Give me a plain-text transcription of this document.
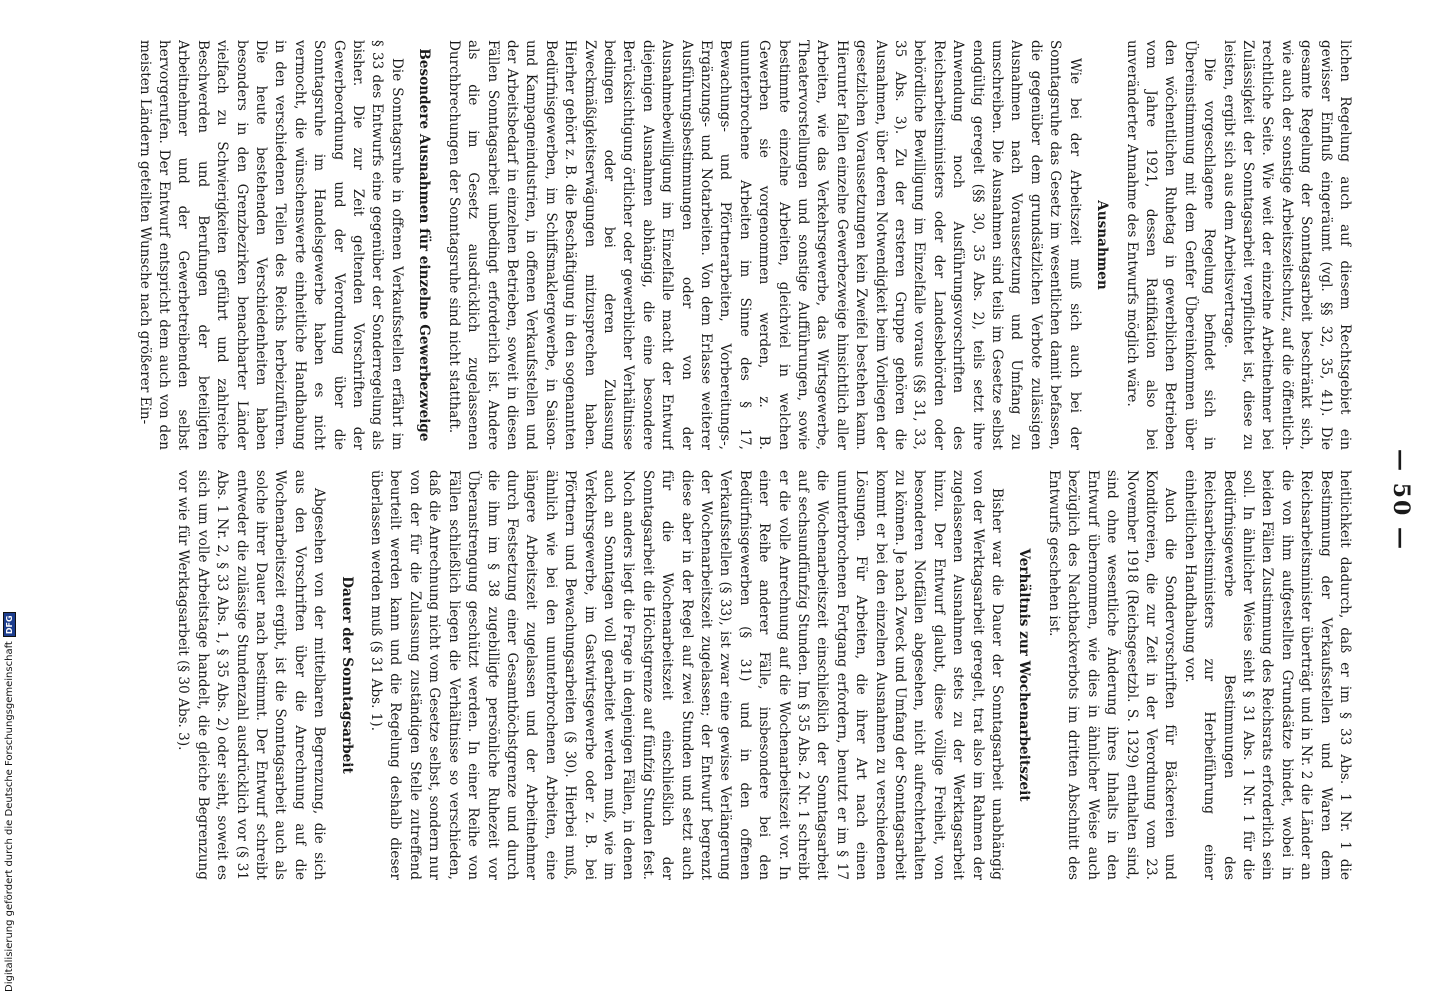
— 50 —

lichen Regelung auch auf diesem Rechtsgebiet ein gewisser Einfluß eingeräumt (vgl. §§ 32, 35, 41). Die gesamte Regelung der Sonntagsarbeit beschränkt sich, wie auch der sonstige Arbeitszeitschutz, auf die öffentlich-rechtliche Seite. Wie weit der einzelne Arbeitnehmer bei Zulässigkeit der Sonntagsarbeit verpflichtet ist, diese zu leisten, ergibt sich aus dem Arbeitsvertrage.

Die vorgeschlagene Regelung befindet sich in Übereinstimmung mit dem Genfer Übereinkommen über den wöchentlichen Ruhetag in gewerblichen Betrieben vom Jahre 1921, dessen Ratifikation also bei unveränderter Annahme des Entwurfs möglich wäre.

Ausnahmen

Wie bei der Arbeitszeit muß sich auch bei der Sonntagsruhe das Gesetz im wesentlichen damit befassen, die gegenüber dem grundsätzlichen Verbote zulässigen Ausnahmen nach Voraussetzung und Umfang zu umschreiben. Die Ausnahmen sind teils im Gesetze selbst endgültig geregelt (§§ 30, 35 Abs. 2), teils setzt ihre Anwendung noch Ausführungsvorschriften des Reichsarbeitsministers oder der Landesbehörden oder behördliche Bewilligung im Einzelfalle voraus (§§ 31, 33, 35 Abs. 3). Zu der ersteren Gruppe gehören die Ausnahmen, über deren Notwendigkeit beim Vorliegen der gesetzlichen Voraussetzungen kein Zweifel bestehen kann. Hierunter fallen einzelne Gewerbezweige hinsichtlich aller Arbeiten, wie das Verkehrsgewerbe, das Wirtsgewerbe, Theatervorstellungen und sonstige Aufführungen, sowie bestimmte einzelne Arbeiten, gleichviel in welchen Gewerben sie vorgenommen werden, z. B. ununterbrochene Arbeiten im Sinne des § 17, Bewachungs- und Pförtnerarbeiten, Vorbereitungs-, Ergänzungs- und Notarbeiten. Von dem Erlasse weiterer Ausführungsbestimmungen oder von der Ausnahmebewilligung im Einzelfalle macht der Entwurf diejenigen Ausnahmen abhängig, die eine besondere Berücksichtigung örtlicher oder gewerblicher Verhältnisse bedingen oder bei deren Zulassung Zweckmäßigkeitserwägungen mitzusprechen haben. Hierher gehört z. B. die Beschäftigung in den sogenannten Bedürfnisgewerben, im Schiffsmaklergewerbe, in Saison- und Kampagneindustrien, in offenen Verkaufsstellen und der Arbeitsbedarf in einzelnen Betrieben, soweit in diesen Fällen Sonntagsarbeit unbedingt erforderlich ist. Andere als die im Gesetz ausdrücklich zugelassenen Durchbrechungen der Sonntagsruhe sind nicht statthaft.

Besondere Ausnahmen für einzelne Gewerbezweige

Die Sonntagsruhe in offenen Verkaufsstellen erfährt im § 33 des Entwurfs eine gegenüber der Sonderregelung als bisher. Die zur Zeit geltenden Vorschriften der Gewerbeordnung und der Verordnung über die Sonntagsruhe im Handelsgewerbe haben es nicht vermocht, die wünschenswerte einheitliche Handhabung in den verschiedenen Teilen des Reichs herbeizuführen. Die heute bestehenden Verschiedenheiten haben besonders in den Grenzbezirken benachbarter Länder vielfach zu Schwierigkeiten geführt und zahlreiche Beschwerden und Berufungen der beteiligten Arbeitnehmer und der Gewerbetreibenden selbst hervorgerufen. Der Entwurf entspricht dem auch von den meisten Ländern geteilten Wunsche nach größerer Ein-

heitlichkeit dadurch, daß er im § 33 Abs. 1 Nr. 1 die Bestimmung der Verkaufsstellen und Waren dem Reichsarbeitsminister überträgt und in Nr. 2 die Länder an die von ihm aufgestellten Grundsätze bindet, wobei in beiden Fällen Zustimmung des Reichsrats erforderlich sein soll. In ähnlicher Weise sieht § 31 Abs. 1 Nr. 1 für die Bedürfnisgewerbe Bestimmungen des Reichsarbeitsministers zur Herbeiführung einer einheitlichen Handhabung vor.

Auch die Sondervorschriften für Bäckereien und Konditoreien, die zur Zeit in der Verordnung vom 23. November 1918 (Reichsgesetzbl. S. 1329) enthalten sind, sind ohne wesentliche Änderung ihres Inhalts in den Entwurf übernommen, wie dies in ähnlicher Weise auch bezüglich des Nachtbackverbots im dritten Abschnitt des Entwurfs geschehen ist.

Verhältnis zur Wochenarbeitszeit

Bisher war die Dauer der Sonntagsarbeit unabhängig von der Werktagsarbeit geregelt, trat also im Rahmen der zugelassenen Ausnahmen stets zu der Werktagsarbeit hinzu. Der Entwurf glaubt, diese völlige Freiheit, von besonderen Notfällen abgesehen, nicht aufrechterhalten zu können. Je nach Zweck und Umfang der Sonntagsarbeit kommt er bei den einzelnen Ausnahmen zu verschiedenen Lösungen. Für Arbeiten, die ihrer Art nach einen ununterbrochenen Fortgang erfordern, benutzt er im § 17 die Wochenarbeitszeit einschließlich der Sonntagsarbeit auf sechsundfünfzig Stunden. Im § 35 Abs. 2 Nr. 1 schreibt er die volle Anrechnung auf die Wochenarbeitszeit vor. In einer Reihe anderer Fälle, insbesondere bei den Bedürfnisgewerben (§ 31) und in den offenen Verkaufsstellen (§ 33), ist zwar eine gewisse Verlängerung der Wochenarbeitszeit zugelassen; der Entwurf begrenzt diese aber in der Regel auf zwei Stunden und setzt auch für die Wochenarbeitszeit einschließlich der Sonntagsarbeit die Höchstgrenze auf fünfzig Stunden fest. Noch anders liegt die Frage in denjenigen Fällen, in denen auch an Sonntagen voll gearbeitet werden muß, wie im Verkehrsgewerbe, im Gastwirtsgewerbe oder z. B. bei Pförtnern und Bewachungsarbeiten (§ 30). Hierbei muß, ähnlich wie bei den ununterbrochenen Arbeiten, eine längere Arbeitszeit zugelassen und der Arbeitnehmer durch Festsetzung einer Gesamthöchstgrenze und durch die ihm im § 38 zugebilligte persönliche Ruhezeit vor Überanstrengung geschützt werden. In einer Reihe von Fällen schließlich liegen die Verhältnisse so verschieden, daß die Anrechnung nicht vom Gesetze selbst, sondern nur von der für die Zulassung zuständigen Stelle zutreffend beurteilt werden kann und die Regelung deshalb dieser überlassen werden muß (§ 31 Abs. 1).

Dauer der Sonntagsarbeit

Abgesehen von der mittelbaren Begrenzung, die sich aus den Vorschriften über die Anrechnung auf die Wochenarbeitszeit ergibt, ist die Sonntagsarbeit auch als solche ihrer Dauer nach bestimmt. Der Entwurf schreibt entweder die zulässige Stundenzahl ausdrücklich vor (§ 31 Abs. 1 Nr. 2, § 33 Abs. 1, § 35 Abs. 2) oder sieht, soweit es sich um volle Arbeitstage handelt, die gleiche Begrenzung vor wie für Werktagsarbeit (§ 30 Abs. 3).

Digitalisierung gefördert durch die Deutsche Forschungsgemeinschaft
DFG
